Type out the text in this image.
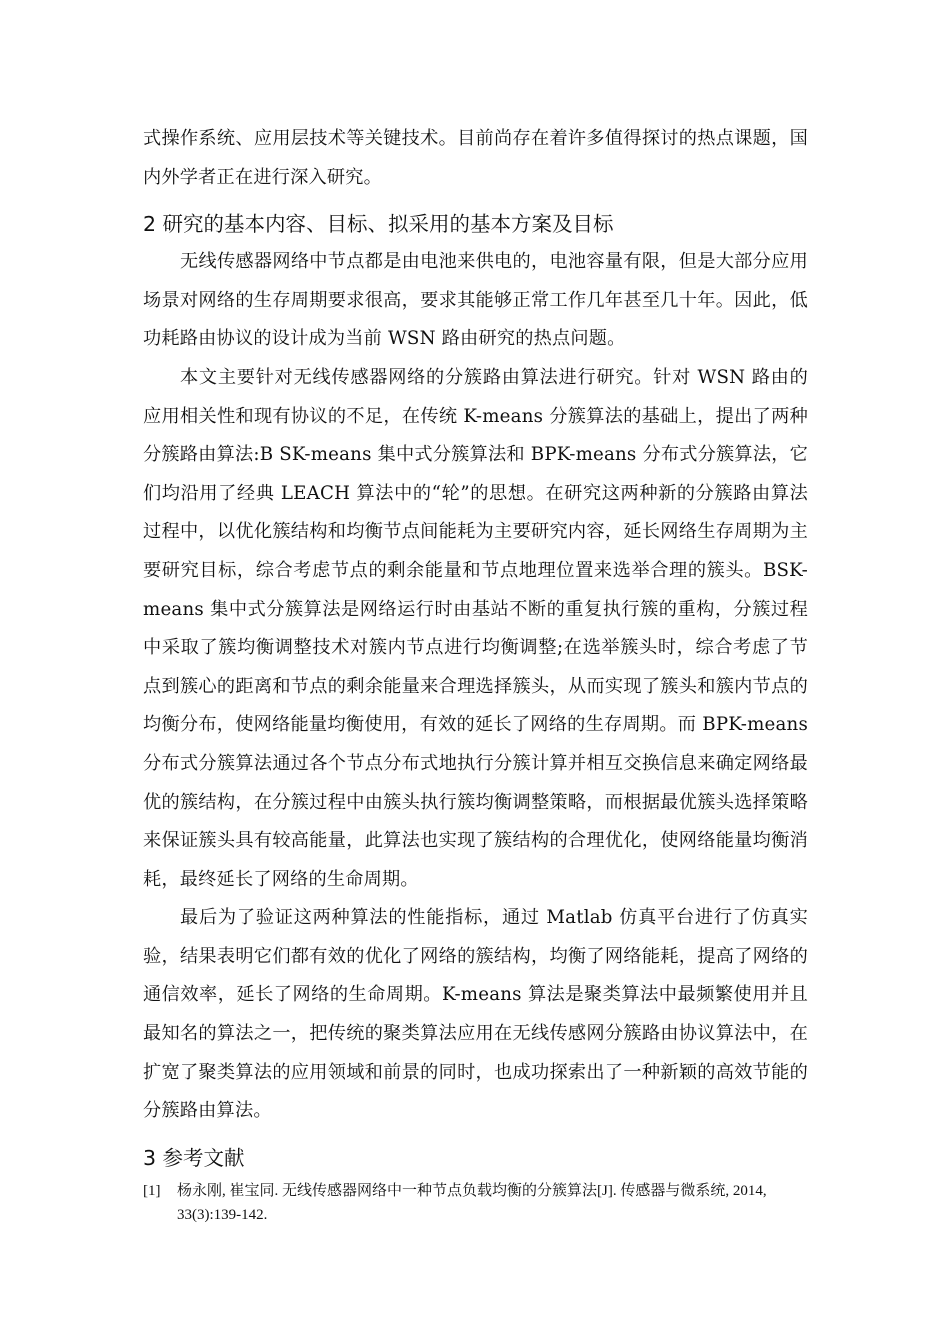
式操作系统、应用层技术等关键技术。目前尚存在着许多值得探讨的热点课题，国内外学者正在进行深入研究。

2 研究的基本内容、目标、拟采用的基本方案及目标

无线传感器网络中节点都是由电池来供电的，电池容量有限，但是大部分应用场景对网络的生存周期要求很高，要求其能够正常工作几年甚至几十年。因此，低功耗路由协议的设计成为当前 WSN 路由研究的热点问题。

本文主要针对无线传感器网络的分簇路由算法进行研究。针对 WSN 路由的应用相关性和现有协议的不足，在传统 K-means 分簇算法的基础上，提出了两种分簇路由算法:B SK-means 集中式分簇算法和 BPK-means 分布式分簇算法，它们均沿用了经典 LEACH 算法中的“轮”的思想。在研究这两种新的分簇路由算法过程中，以优化簇结构和均衡节点间能耗为主要研究内容，延长网络生存周期为主要研究目标，综合考虑节点的剩余能量和节点地理位置来选举合理的簇头。BSK-means 集中式分簇算法是网络运行时由基站不断的重复执行簇的重构，分簇过程中采取了簇均衡调整技术对簇内节点进行均衡调整;在选举簇头时，综合考虑了节点到簇心的距离和节点的剩余能量来合理选择簇头，从而实现了簇头和簇内节点的均衡分布，使网络能量均衡使用，有效的延长了网络的生存周期。而 BPK-means 分布式分簇算法通过各个节点分布式地执行分簇计算并相互交换信息来确定网络最优的簇结构，在分簇过程中由簇头执行簇均衡调整策略，而根据最优簇头选择策略来保证簇头具有较高能量，此算法也实现了簇结构的合理优化，使网络能量均衡消耗，最终延长了网络的生命周期。

最后为了验证这两种算法的性能指标，通过 Matlab 仿真平台进行了仿真实验，结果表明它们都有效的优化了网络的簇结构，均衡了网络能耗，提高了网络的通信效率，延长了网络的生命周期。K-means 算法是聚类算法中最频繁使用并且最知名的算法之一，把传统的聚类算法应用在无线传感网分簇路由协议算法中，在扩宽了聚类算法的应用领域和前景的同时，也成功探索出了一种新颖的高效节能的分簇路由算法。

3 参考文献
[1]	杨永刚, 崔宝同. 无线传感器网络中一种节点负载均衡的分簇算法[J]. 传感器与微系统, 2014, 33(3):139-142.
